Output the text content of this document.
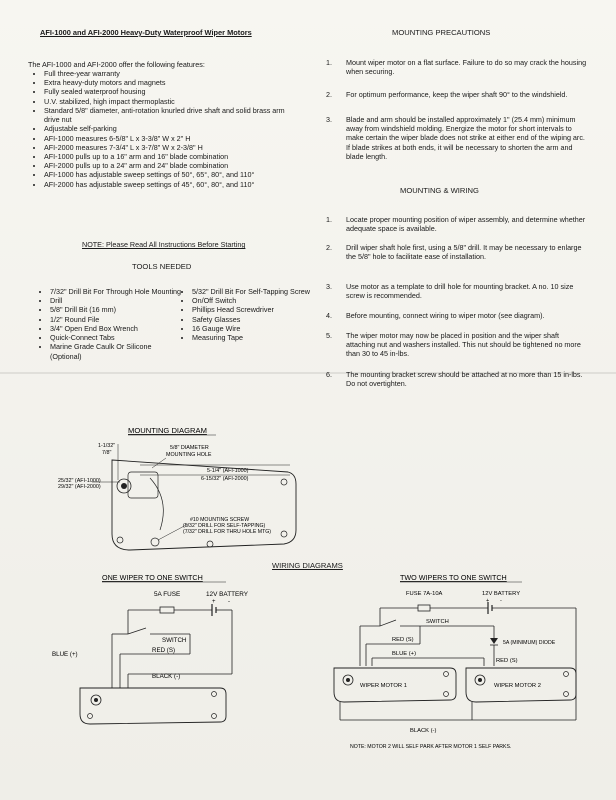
AFI-1000 and AFI-2000 Heavy-Duty Waterproof Wiper Motors
The AFI-1000 and AFI-2000 offer the following features:
• Full three-year warranty
• Extra heavy-duty motors and magnets
• Fully sealed waterproof housing
• U.V. stabilized, high impact thermoplastic
• Standard 5/8" diameter, anti-rotation knurled drive shaft and solid brass arm drive nut
• Adjustable self-parking
• AFI-1000 measures 6-5/8" L x 3-3/8" W x 2" H
• AFI-2000 measures 7-3/4" L x 3-7/8" W x 2-3/8" H
• AFI-1000 pulls up to a 16" arm and 16" blade combination
• AFI-2000 pulls up to a 24" arm and 24" blade combination
• AFI-1000 has adjustable sweep settings of 50°, 65°, 80°, and 110°
• AFI-2000 has adjustable sweep settings of 45°, 60°, 80°, and 110°
NOTE: Please Read All Instructions Before Starting
TOOLS NEEDED
• 7/32" Drill Bit For Through Hole Mounting
• Drill
• 5/8" Drill Bit (16 mm)
• 1/2" Round File
• 3/4" Open End Box Wrench
• Quick-Connect Tabs
• Marine Grade Caulk Or Silicone (Optional)
• 5/32" Drill Bit For Self-Tapping Screw
• On/Off Switch
• Phillips Head Screwdriver
• Safety Glasses
• 16 Gauge Wire
• Measuring Tape
MOUNTING PRECAUTIONS
1. Mount wiper motor on a flat surface. Failure to do so may crack the housing when securing.
2. For optimum performance, keep the wiper shaft 90° to the windshield.
3. Blade and arm should be installed approximately 1" (25.4 mm) minimum away from windshield molding. Energize the motor for short intervals to make certain the wiper blade does not strike at either end of the wiping arc. If blade strikes at both ends, it will be necessary to shorten the arm and blade length.
MOUNTING & WIRING
1. Locate proper mounting position of wiper assembly, and determine whether adequate space is available.
2. Drill wiper shaft hole first, using a 5/8" drill. It may be necessary to enlarge the 5/8" hole to facilitate ease of installation.
3. Use motor as a template to drill hole for mounting bracket. A no. 10 size screw is recommended.
4. Before mounting, connect wiring to wiper motor (see diagram).
5. The wiper motor may now be placed in position and the wiper shaft attaching nut and washers installed. This nut should be tightened no more than 30 to 45 in-lbs.
6. The mounting bracket screw should be attached at no more than 15 in-lbs. Do not overtighten.
MOUNTING DIAGRAM
5/8" DIAMETER
MOUNTING HOLE
1-1/32"
7/8"
5-1/4" (AFI-1000)
6-15/32" (AFI-2000)
25/32" (AFI-1000)
29/32" (AFI-2000)
#10 MOUNTING SCREW
(5/32" DRILL FOR SELF-TAPPING)
(7/32" DRILL FOR THRU HOLE MTG)
WIRING DIAGRAMS
ONE WIPER TO ONE SWITCH
5A FUSE	12V BATTERY
+ -
SWITCH
BLUE (+)
RED (S)
BLACK (-)
TWO WIPERS TO ONE SWITCH
FUSE 7A-10A	12V BATTERY
+ -
SWITCH
RED (S)
BLUE (+)
5A (MINIMUM) DIODE
RED (S)
WIPER MOTOR 1	WIPER MOTOR 2
BLACK (-)
NOTE: MOTOR 2 WILL SELF PARK AFTER MOTOR 1 SELF PARKS.
